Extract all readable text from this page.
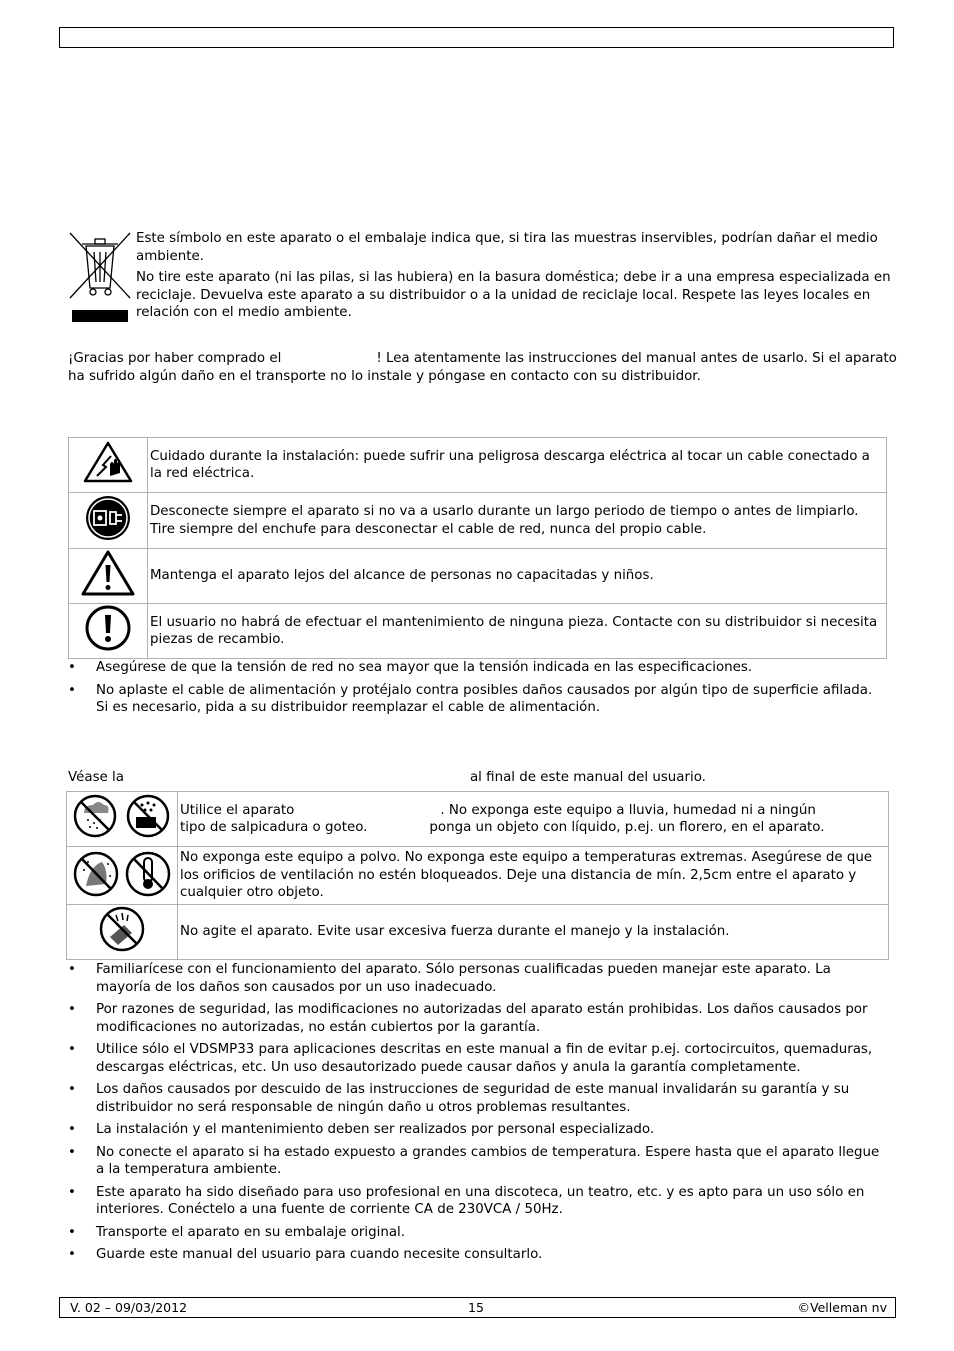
Este símbolo en este aparato o el embalaje indica que, si tira las muestras inservibles, podrían dañar el medio ambiente.

No tire este aparato (ni las pilas, si las hubiera) en la basura doméstica; debe ir a una empresa especializada en reciclaje. Devuelva este aparato a su distribuidor o a la unidad de reciclaje local. Respete las leyes locales en relación con el medio ambiente.

¡Gracias por haber comprado el	! Lea atentamente las instrucciones del manual antes de usarlo. Si el aparato ha sufrido algún daño en el transporte no lo instale y póngase en contacto con su distribuidor.
	Cuidado durante la instalación: puede sufrir una peligrosa descarga eléctrica al tocar un cable conectado a la red eléctrica.
	Desconecte siempre el aparato si no va a usarlo durante un largo periodo de tiempo o antes de limpiarlo. Tire siempre del enchufe para desconectar el cable de red, nunca del propio cable.
	Mantenga el aparato lejos del alcance de personas no capacitadas y niños.
	El usuario no habrá de efectuar el mantenimiento de ninguna pieza. Contacte con su distribuidor si necesita piezas de recambio.
• Asegúrese de que la tensión de red no sea mayor que la tensión indicada en las especificaciones.
• No aplaste el cable de alimentación y protéjalo contra posibles daños causados por algún tipo de superficie afilada. Si es necesario, pida a su distribuidor reemplazar el cable de alimentación.
Véase la	al final de este manual del usuario.
	Utilice el aparato . No exponga este equipo a lluvia, humedad ni a ningún
tipo de salpicadura o goteo. ponga un objeto con líquido, p.ej. un florero, en el aparato.
	No exponga este equipo a polvo. No exponga este equipo a temperaturas extremas. Asegúrese de que los orificios de ventilación no estén bloqueados. Deje una distancia de mín. 2,5cm entre el aparato y cualquier otro objeto.
	No agite el aparato. Evite usar excesiva fuerza durante el manejo y la instalación.
• Familiarícese con el funcionamiento del aparato. Sólo personas cualificadas pueden manejar este aparato. La mayoría de los daños son causados por un uso inadecuado.
• Por razones de seguridad, las modificaciones no autorizadas del aparato están prohibidas. Los daños causados por modificaciones no autorizadas, no están cubiertos por la garantía.
• Utilice sólo el VDSMP33 para aplicaciones descritas en este manual a fin de evitar p.ej. cortocircuitos, quemaduras, descargas eléctricas, etc. Un uso desautorizado puede causar daños y anula la garantía completamente.
• Los daños causados por descuido de las instrucciones de seguridad de este manual invalidarán su garantía y su distribuidor no será responsable de ningún daño u otros problemas resultantes.
• La instalación y el mantenimiento deben ser realizados por personal especializado.
• No conecte el aparato si ha estado expuesto a grandes cambios de temperatura. Espere hasta que el aparato llegue a la temperatura ambiente.
• Este aparato ha sido diseñado para uso profesional en una discoteca, un teatro, etc. y es apto para un uso sólo en interiores. Conéctelo a una fuente de corriente CA de 230VCA / 50Hz.
• Transporte el aparato en su embalaje original.
• Guarde este manual del usuario para cuando necesite consultarlo.
V. 02 – 09/03/2012	15	©Velleman nv
